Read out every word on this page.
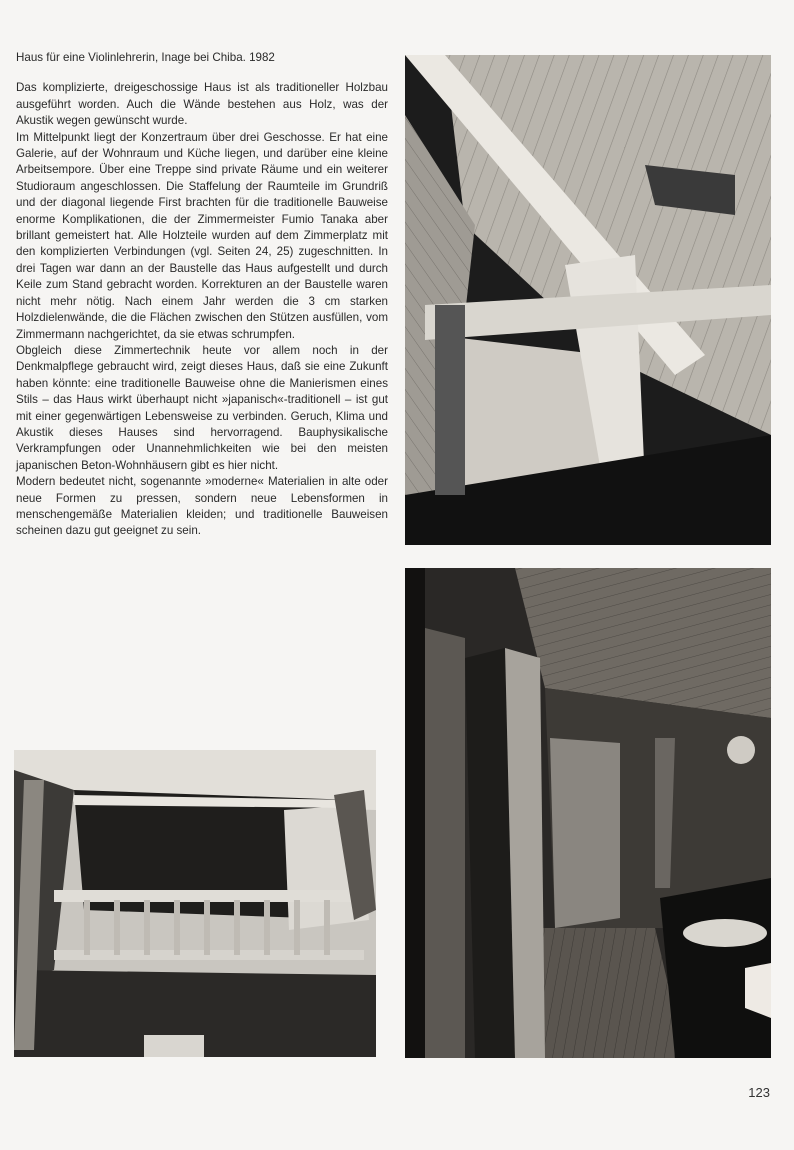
Haus für eine Violinlehrerin, Inage bei Chiba. 1982

Das komplizierte, dreigeschossige Haus ist als traditioneller Holzbau ausgeführt worden. Auch die Wände bestehen aus Holz, was der Akustik wegen gewünscht wurde.

Im Mittelpunkt liegt der Konzertraum über drei Geschosse. Er hat eine Galerie, auf der Wohnraum und Küche liegen, und darüber eine kleine Arbeitsempore. Über eine Treppe sind private Räume und ein weiterer Studioraum angeschlossen. Die Staffelung der Raumteile im Grundriß und der diagonal liegende First brachten für die traditionelle Bauweise enorme Komplikationen, die der Zimmermeister Fumio Tanaka aber brillant gemeistert hat. Alle Holzteile wurden auf dem Zimmerplatz mit den komplizierten Verbindungen (vgl. Seiten 24, 25) zugeschnitten. In drei Tagen war dann an der Baustelle das Haus aufgestellt und durch Keile zum Stand gebracht worden. Korrekturen an der Baustelle waren nicht mehr nötig. Nach einem Jahr werden die 3 cm starken Holzdielenwände, die die Flächen zwischen den Stützen ausfüllen, vom Zimmermann nachgerichtet, da sie etwas schrumpfen.

Obgleich diese Zimmertechnik heute vor allem noch in der Denkmalpflege gebraucht wird, zeigt dieses Haus, daß sie eine Zukunft haben könnte: eine traditionelle Bauweise ohne die Manierismen eines Stils – das Haus wirkt überhaupt nicht »japanisch«-traditionell – ist gut mit einer gegenwärtigen Lebensweise zu verbinden. Geruch, Klima und Akustik dieses Hauses sind hervorragend. Bauphysikalische Verkrampfungen oder Unannehmlichkeiten wie bei den meisten japanischen Beton-Wohnhäusern gibt es hier nicht.

Modern bedeutet nicht, sogenannte »moderne« Materialien in alte oder neue Formen zu pressen, sondern neue Lebensformen in menschengemäße Materialien kleiden; und traditionelle Bauweisen scheinen dazu gut geeignet zu sein.

123
